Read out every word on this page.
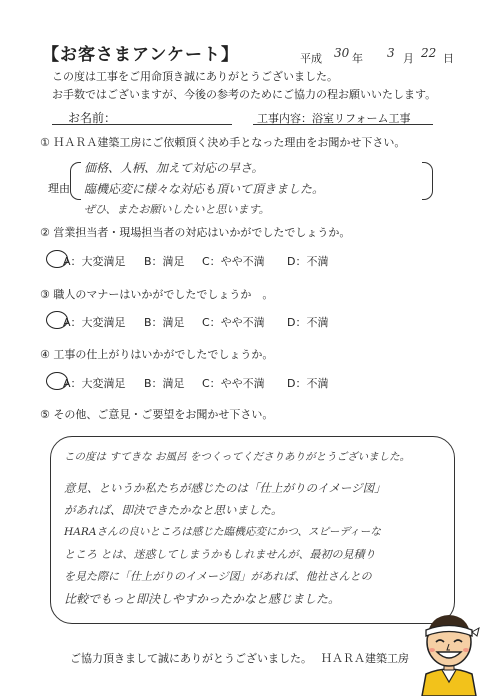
【お客さまアンケート】	平成 30 年 3 月 22 日
この度は工事をご用命頂き誠にありがとうございました。
お手数ではございますが、今後の参考のためにご協力の程お願いいたします。
お名前：	工事内容：浴室リフォーム工事
① ＨＡＲＡ建築工房にご依頼頂く決め手となった理由をお聞かせ下さい。
理由
価格、人柄、加えて対応の早さ。
臨機応変に様々な対応も頂いて頂きました。
ぜひ、またお願いしたいと思います。
② 営業担当者・現場担当者の対応はいかがでしたでしょうか。
A：大変満足 B：満足 C：やや不満 D：不満
③ 職人のマナーはいかがでしたでしょうか　。
A：大変満足 B：満足 C：やや不満 D：不満
④ 工事の仕上がりはいかがでしたでしょうか。
A：大変満足 B：満足 C：やや不満 D：不満
⑤ その他、ご意見・ご要望をお聞かせ下さい。
この度は すてきな お風呂 をつくってくださりありがとうございました。
意見、というか私たちが感じたのは「仕上がりのイメージ図」
があれば、即決できたかなと思いました。
HARAさんの良いところは感じた臨機応変にかつ、スピーディーな
ところ とは、迷惑してしまうかもしれませんが、最初の見積り
を見た際に「仕上がりのイメージ図」があれば、他社さんとの
比較でもっと即決しやすかったかなと感じました。
ご協力頂きまして誠にありがとうございました。 ＨＡＲＡ建築工房
